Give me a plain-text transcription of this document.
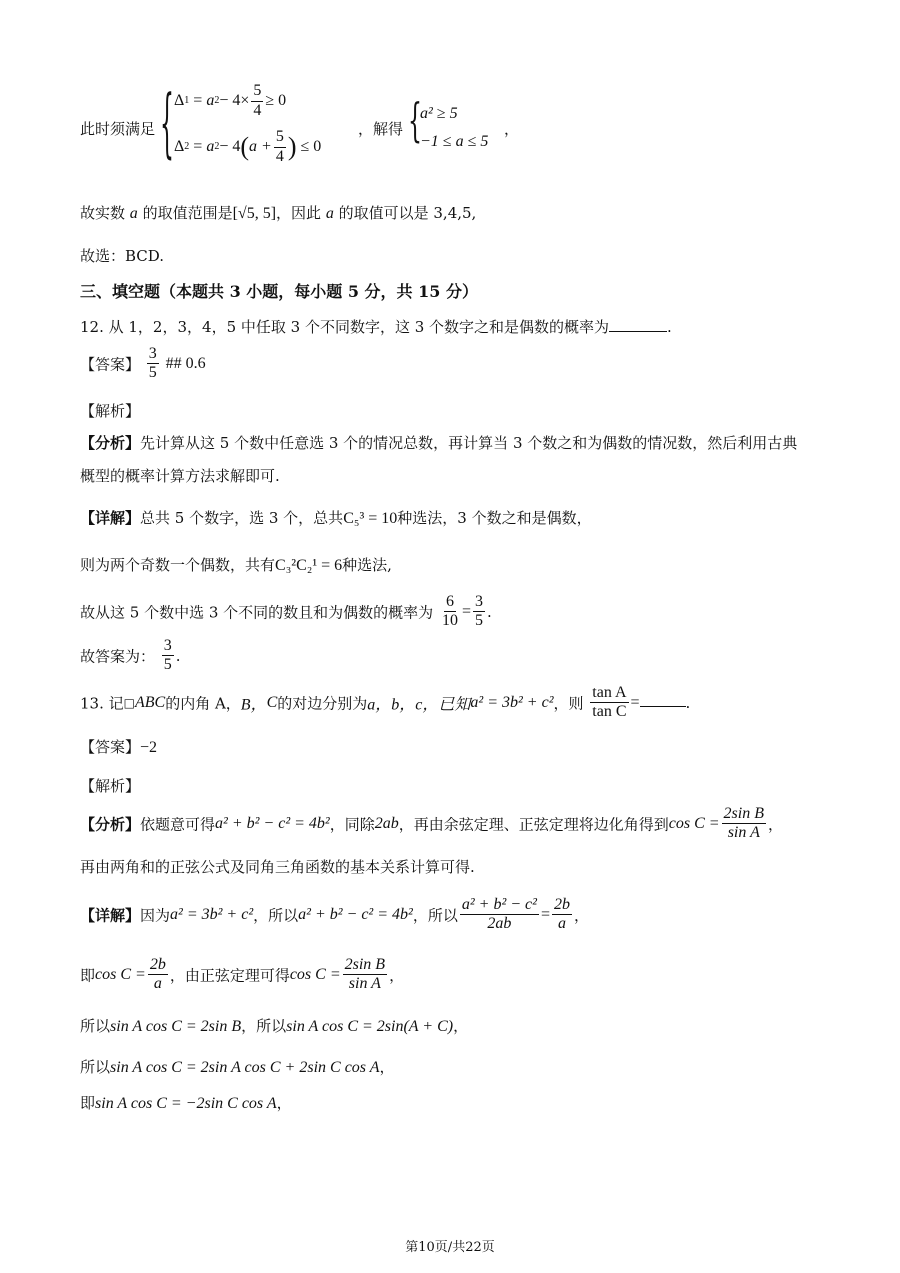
此时须满足 { Δ 1 = a $2 - 4\times \frac{5}{4} \ge 0$
Δ 2 = a 2 − 4 ( $a + \frac{5}{4}$ )
≤ 0
，解得 {
a² ≥ 5
−1 ≤ a ≤ 5
，
故实数 a 的取值范围是[√5, 5]，因此 a 的取值可以是 3,4,5,
故选：BCD.
三、填空题（本题共 3 小题，每小题 5 分，共 15 分）
12. 从 1，2，3，4，5 中任取 3 个不同数字，这 3 个数字之和是偶数的概率为	.
【答案】 $\frac{3}{5}$ ## 0.6
【解析】
【分析】先计算从这 5 个数中任意选 3 个的情况总数，再计算当 3 个数之和为偶数的情况数，然后利用古典
概型的概率计算方法求解即可.
【详解】总共 5 个数字，选 3 个，总共C₅³ = 10种选法，3 个数之和是偶数，
则为两个奇数一个偶数，共有C₃²C₂¹ = 6种选法,
故从这 5 个数中选 3 个不同的数且和为偶数的概率为 $\frac{6}{10} = \frac{3}{5}$ .
故答案为： $\frac{3}{5}$ .
13. 记□ABC的内角 A，B，C的对边分别为a，b，c，已知a² = 3b² + c²，则 $\frac{\text{tan A}}{\text{tan C}}$ =	.
【答案】−2
【解析】
【分析】依题意可得a² + b² − c² = 4b²，同除2ab，再由余弦定理、正弦定理将边化角得到$\cos C = \frac{\text{2sin B}}{\text{sin A}}$ ，
再由两角和的正弦公式及同角三角函数的基本关系计算可得.
【详解】因为a² = 3b² + c²，所以a² + b² − c² = 4b²，所以 $\frac{\text{a² + b² − c²}}{2ab} = \frac{2b}{a}$ ，
即$\cos C = \frac{2b}{a}$ ，由正弦定理可得$\cos C = \frac{\text{2sin B}}{\text{sin A}}$ ，
所以sin A cos C = 2sin B，所以sin A cos C = 2sin(A + C)，
所以sin A cos C = 2sin A cos C + 2sin C cos A，
即sin A cos C = −2sin C cos A，
第10页/共22页
